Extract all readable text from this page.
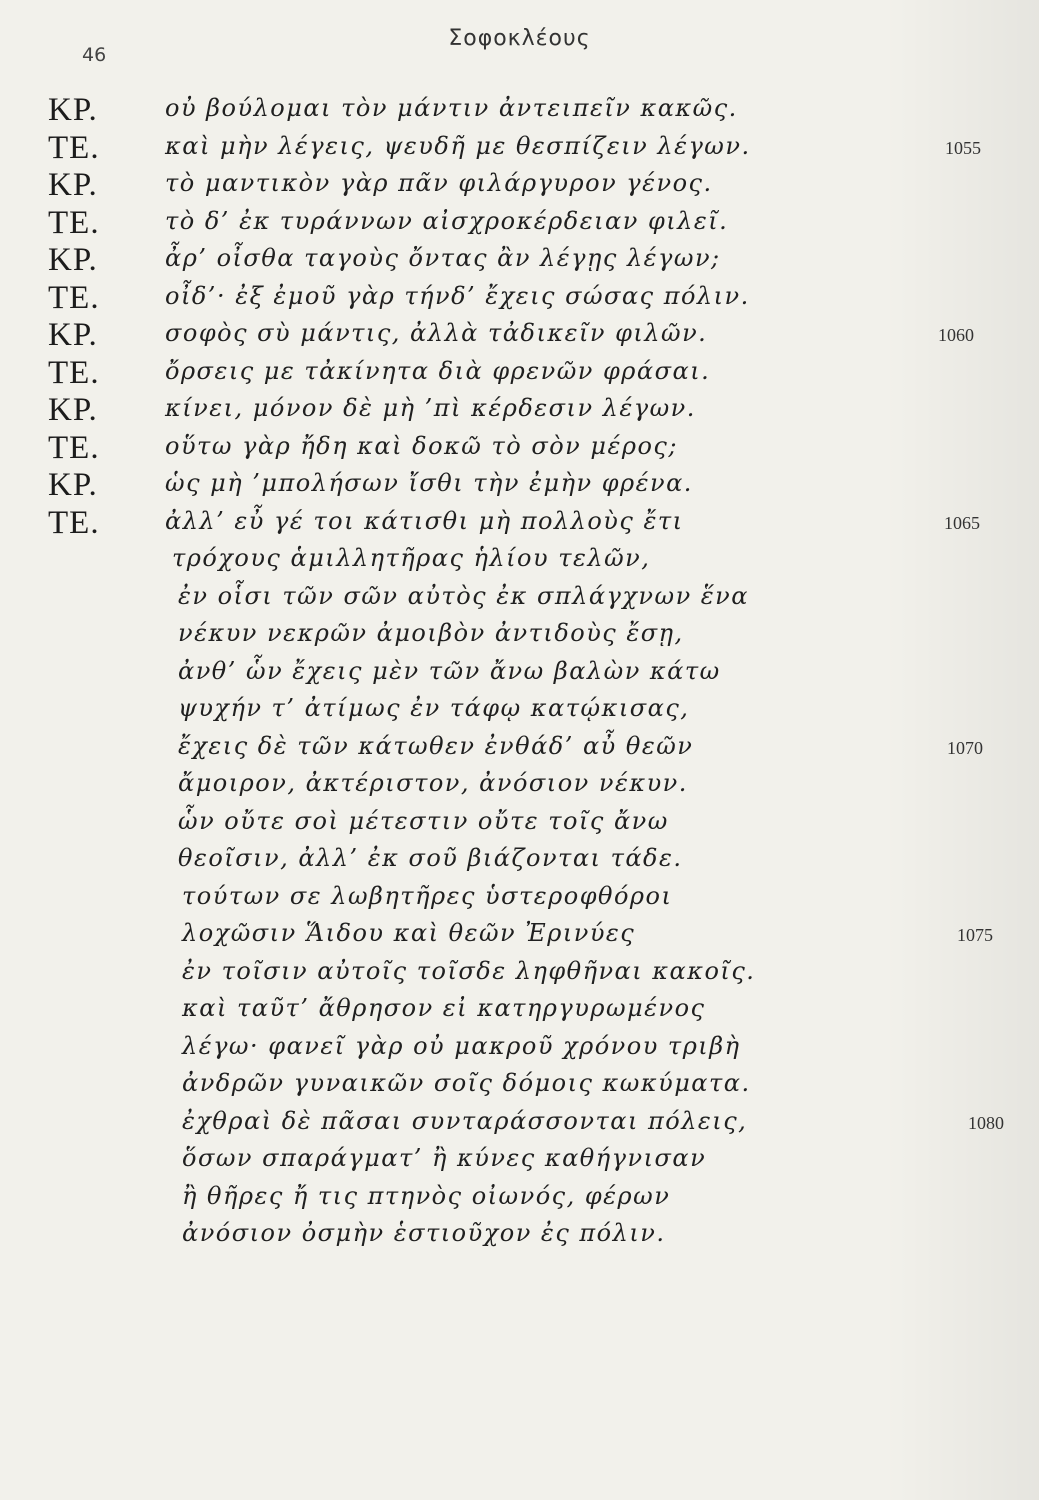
46
Σοφοκλέους
ΚΡ.	οὐ βούλομαι τὸν μάντιν ἀντειπεῖν κακῶς.
ΤΕ.	καὶ μὴν λέγεις, ψευδῆ με θεσπίζειν λέγων.	1055
ΚΡ.	τὸ μαντικὸν γὰρ πᾶν φιλάργυρον γένος.
ΤΕ.	τὸ δ’ ἐκ τυράννων αἰσχροκέρδειαν φιλεῖ.
ΚΡ.	ἆρ’ οἶσθα ταγοὺς ὄντας ἂν λέγῃς λέγων;
ΤΕ.	οἶδ’· ἐξ ἐμοῦ γὰρ τήνδ’ ἔχεις σώσας πόλιν.
ΚΡ.	σοφὸς σὺ μάντις, ἀλλὰ τἀδικεῖν φιλῶν.	1060
ΤΕ.	ὄρσεις με τἀκίνητα διὰ φρενῶν φράσαι.
ΚΡ.	κίνει, μόνον δὲ μὴ ’πὶ κέρδεσιν λέγων.
ΤΕ.	οὕτω γὰρ ἤδη καὶ δοκῶ τὸ σὸν μέρος;
ΚΡ.	ὡς μὴ ’μπολήσων ἴσθι τὴν ἐμὴν φρένα.
ΤΕ.	ἀλλ’ εὖ γέ τοι κάτισθι μὴ πολλοὺς ἔτι	1065
τρόχους ἁμιλλητῆρας ἡλίου τελῶν,
ἐν οἷσι τῶν σῶν αὐτὸς ἐκ σπλάγχνων ἕνα
νέκυν νεκρῶν ἀμοιβὸν ἀντιδοὺς ἔσῃ,
ἀνθ’ ὧν ἔχεις μὲν τῶν ἄνω βαλὼν κάτω
ψυχήν τ’ ἀτίμως ἐν τάφῳ κατῴκισας,
ἔχεις δὲ τῶν κάτωθεν ἐνθάδ’ αὖ θεῶν	1070
ἄμοιρον, ἀκτέριστον, ἀνόσιον νέκυν.
ὧν οὔτε σοὶ μέτεστιν οὔτε τοῖς ἄνω
θεοῖσιν, ἀλλ’ ἐκ σοῦ βιάζονται τάδε.
τούτων σε λωβητῆρες ὑστεροφθόροι
λοχῶσιν Ἅιδου καὶ θεῶν Ἐρινύες	1075
ἐν τοῖσιν αὐτοῖς τοῖσδε ληφθῆναι κακοῖς.
καὶ ταῦτ’ ἄθρησον εἰ κατηργυρωμένος
λέγω· φανεῖ γὰρ οὐ μακροῦ χρόνου τριβὴ
ἀνδρῶν γυναικῶν σοῖς δόμοις κωκύματα.
ἐχθραὶ δὲ πᾶσαι συνταράσσονται πόλεις,	1080
ὅσων σπαράγματ’ ἢ κύνες καθήγνισαν
ἢ θῆρες ἤ τις πτηνὸς οἰωνός, φέρων
ἀνόσιον ὀσμὴν ἑστιοῦχον ἐς πόλιν.
